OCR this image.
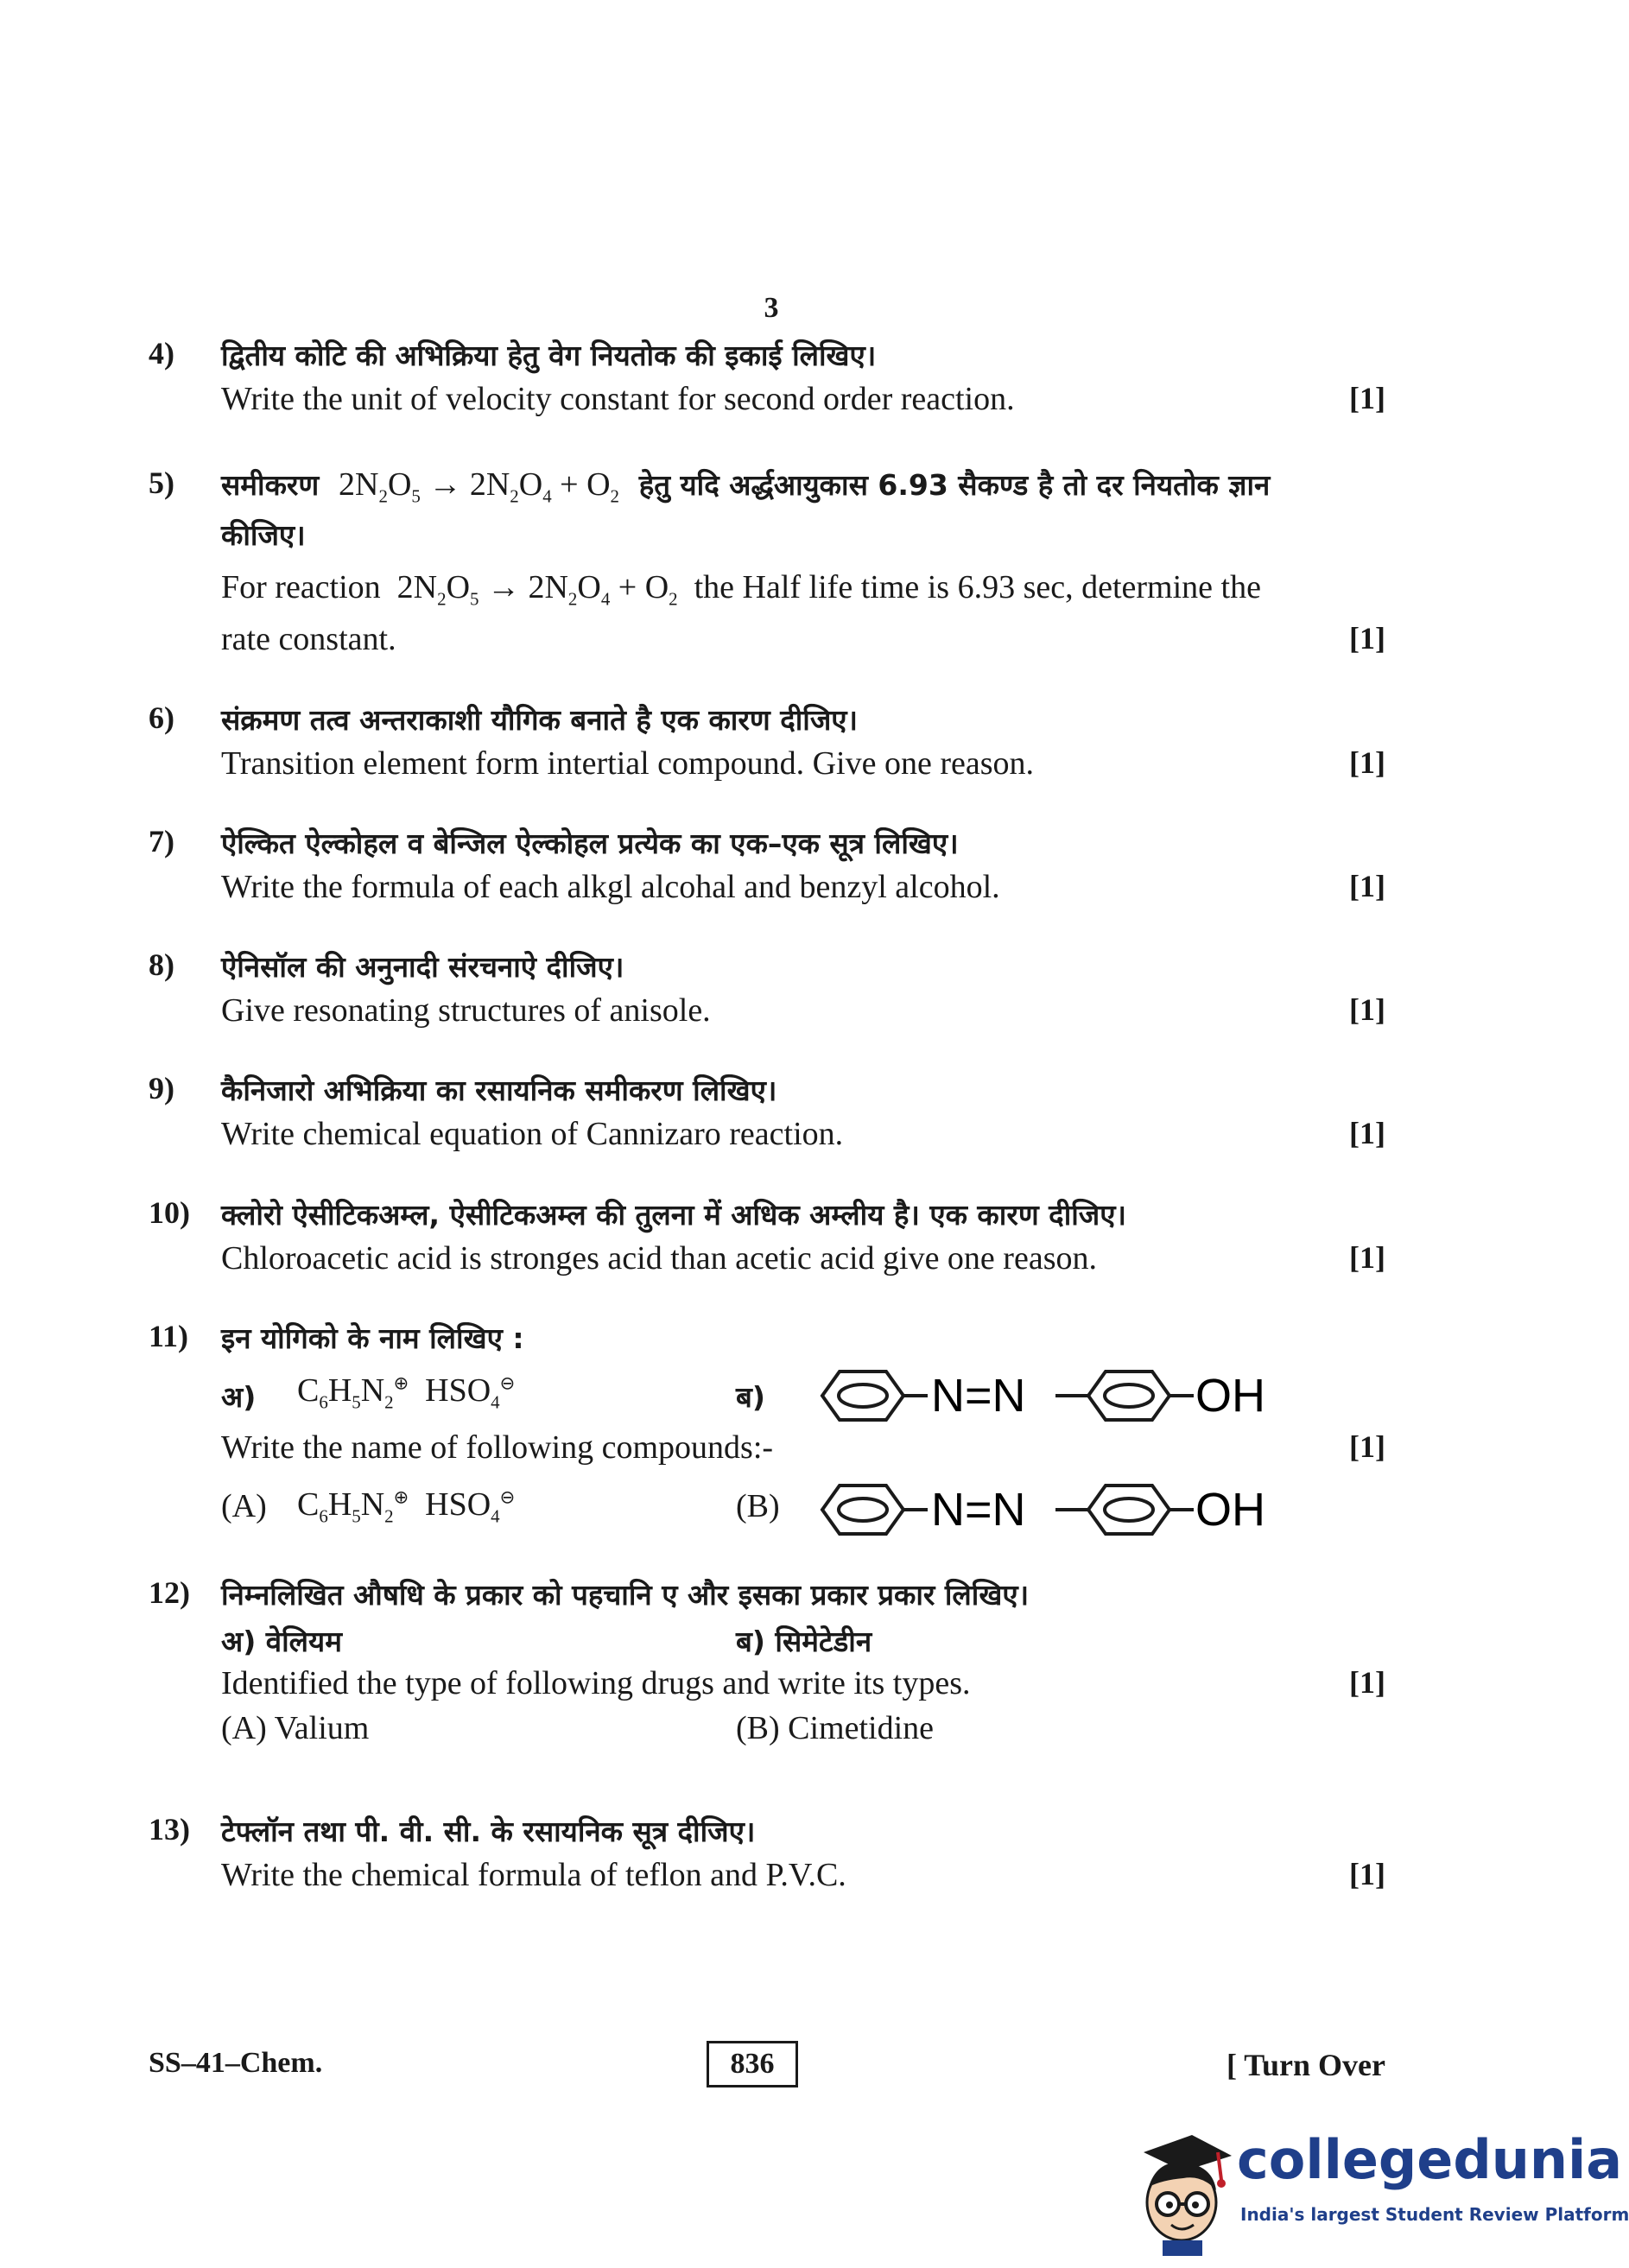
3
4) द्वितीय कोटि की अभिक्रिया हेतु वेग नियतोक की इकाई लिखिए।
Write the unit of velocity constant for second order reaction.	[1]
5) समीकरण  $2N_2O_5 \to 2N_2O_4 + O_2$ हेतु यदि अर्द्धआयुकास 6.93 सैकण्ड है तो दर नियतोक ज्ञान
कीजिए।
For reaction  $2N_2O_5 \to 2N_2O_4 + O_2$ the Half life time is 6.93 sec, determine the
rate constant.	[1]
6) संक्रमण तत्व अन्तराकाशी यौगिक बनाते है एक कारण दीजिए।
Transition element form intertial compound. Give one reason.	[1]
7) ऐल्कित ऐल्कोहल व बेन्जिल ऐल्कोहल प्रत्येक का एक–एक सूत्र लिखिए।
Write the formula of each alkgl alcohal and benzyl alcohol.	[1]
8) ऐनिसॉल की अनुनादी संरचनाऐ दीजिए।
Give resonating structures of anisole.	[1]
9) कैनिजारो अभिक्रिया का रसायनिक समीकरण लिखिए।
Write chemical equation of Cannizaro reaction.	[1]
10) क्लोरो ऐसीटिकअम्ल, ऐसीटिकअम्ल की तुलना में अधिक अम्लीय है। एक कारण दीजिए।
Chloroacetic acid is stronges acid than acetic acid give one reason.	[1]
11) इन योगिको के नाम लिखिए :
अ) $C_6H_5N_2^\oplus$  $HSO_4^⊖$	ब)	N=N	OH
Write the name of following compounds:-	[1]
(A) $C_6H_5N_2^\oplus$  $HSO_4^⊖$	(B)	N=N	OH
12) निम्नलिखित औषधि के प्रकार को पहचानि ए और इसका प्रकार प्रकार लिखिए।
अ) वेलियम	ब) सिमेटेडीन
Identified the type of following drugs and write its types.	[1]
(A) Valium	(B) Cimetidine
13) टेफ्लॉन तथा पी. वी. सी. के रसायनिक सूत्र दीजिए।
Write the chemical formula of teflon and P.V.C.	[1]
SS–41–Chem.	836	[ Turn Over
collegedunia
India's largest Student Review Platform
